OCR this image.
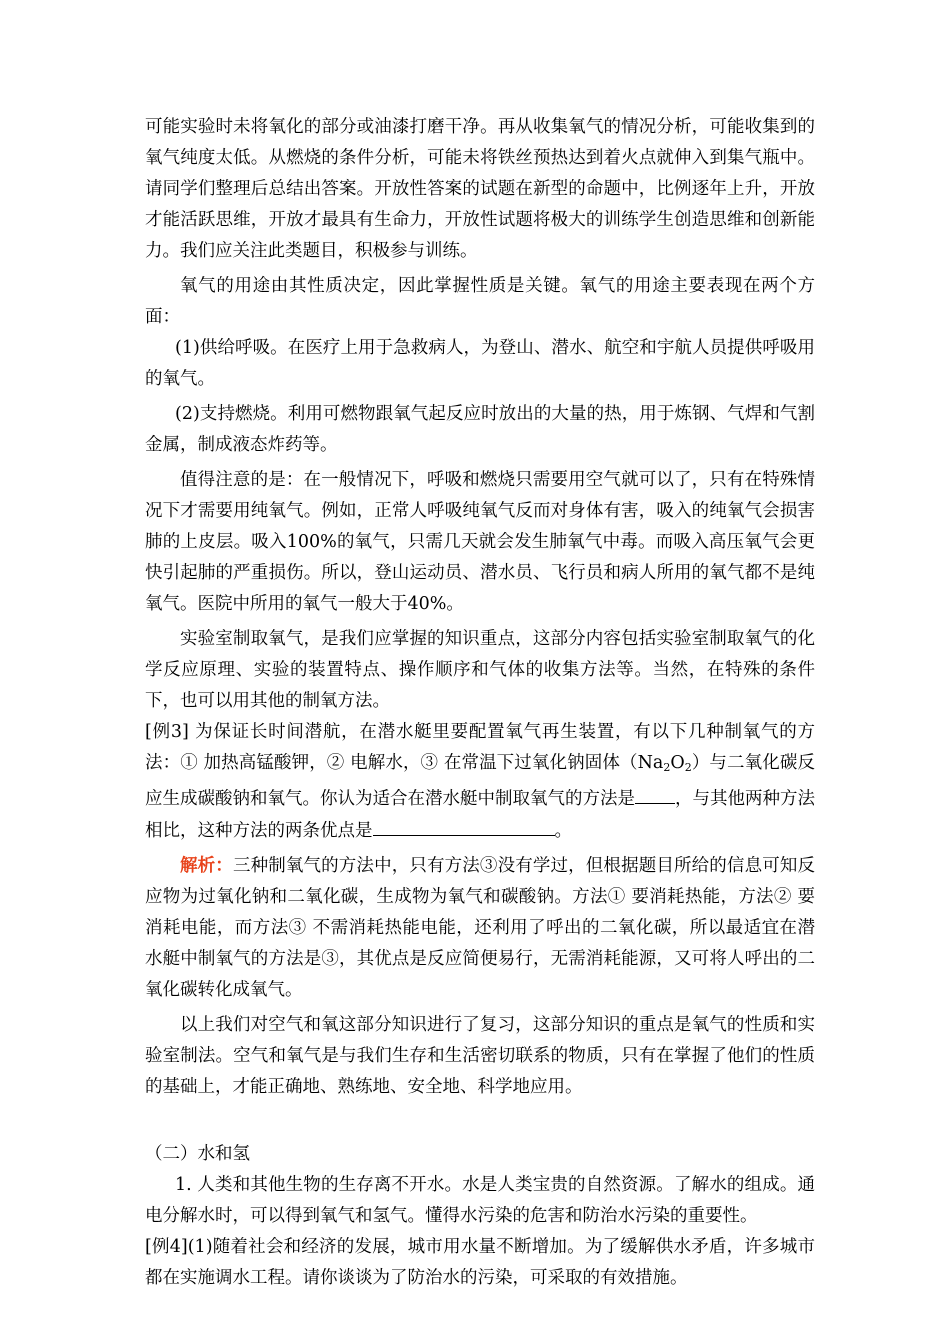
可能实验时未将氧化的部分或油漆打磨干净。再从收集氧气的情况分析，可能收集到的氧气纯度太低。从燃烧的条件分析，可能未将铁丝预热达到着火点就伸入到集气瓶中。请同学们整理后总结出答案。开放性答案的试题在新型的命题中，比例逐年上升，开放才能活跃思维，开放才最具有生命力，开放性试题将极大的训练学生创造思维和创新能力。我们应关注此类题目，积极参与训练。

氧气的用途由其性质决定，因此掌握性质是关键。氧气的用途主要表现在两个方面：

(1)供给呼吸。在医疗上用于急救病人，为登山、潜水、航空和宇航人员提供呼吸用的氧气。

(2)支持燃烧。利用可燃物跟氧气起反应时放出的大量的热，用于炼钢、气焊和气割金属，制成液态炸药等。

值得注意的是：在一般情况下，呼吸和燃烧只需要用空气就可以了，只有在特殊情况下才需要用纯氧气。例如，正常人呼吸纯氧气反而对身体有害，吸入的纯氧气会损害肺的上皮层。吸入100%的氧气，只需几天就会发生肺氧气中毒。而吸入高压氧气会更快引起肺的严重损伤。所以，登山运动员、潜水员、飞行员和病人所用的氧气都不是纯氧气。医院中所用的氧气一般大于40%。

实验室制取氧气，是我们应掌握的知识重点，这部分内容包括实验室制取氧气的化学反应原理、实验的装置特点、操作顺序和气体的收集方法等。当然，在特殊的条件下，也可以用其他的制氧方法。

[例3] 为保证长时间潜航，在潜水艇里要配置氧气再生装置，有以下几种制氧气的方法：① 加热高锰酸钾，② 电解水，③ 在常温下过氧化钠固体$(Na_2O_2)$与二氧化碳反应生成碳酸钠和氧气。你认为适合在潜水艇中制取氧气的方法是 ，与其他两种方法相比，这种方法的两条优点是	。

解析：三种制氧气的方法中，只有方法③没有学过，但根据题目所给的信息可知反应物为过氧化钠和二氧化碳，生成物为氧气和碳酸钠。方法① 要消耗热能，方法② 要消耗电能，而方法③ 不需消耗热能电能，还利用了呼出的二氧化碳，所以最适宜在潜水艇中制氧气的方法是③，其优点是反应简便易行，无需消耗能源，又可将人呼出的二氧化碳转化成氧气。

以上我们对空气和氧这部分知识进行了复习，这部分知识的重点是氧气的性质和实验室制法。空气和氧气是与我们生存和生活密切联系的物质，只有在掌握了他们的性质的基础上，才能正确地、熟练地、安全地、科学地应用。

（二）水和氢

1. 人类和其他生物的生存离不开水。水是人类宝贵的自然资源。了解水的组成。通电分解水时，可以得到氧气和氢气。懂得水污染的危害和防治水污染的重要性。

[例4](1)随着社会和经济的发展，城市用水量不断增加。为了缓解供水矛盾，许多城市都在实施调水工程。请你谈谈为了防治水的污染，可采取的有效措施。
